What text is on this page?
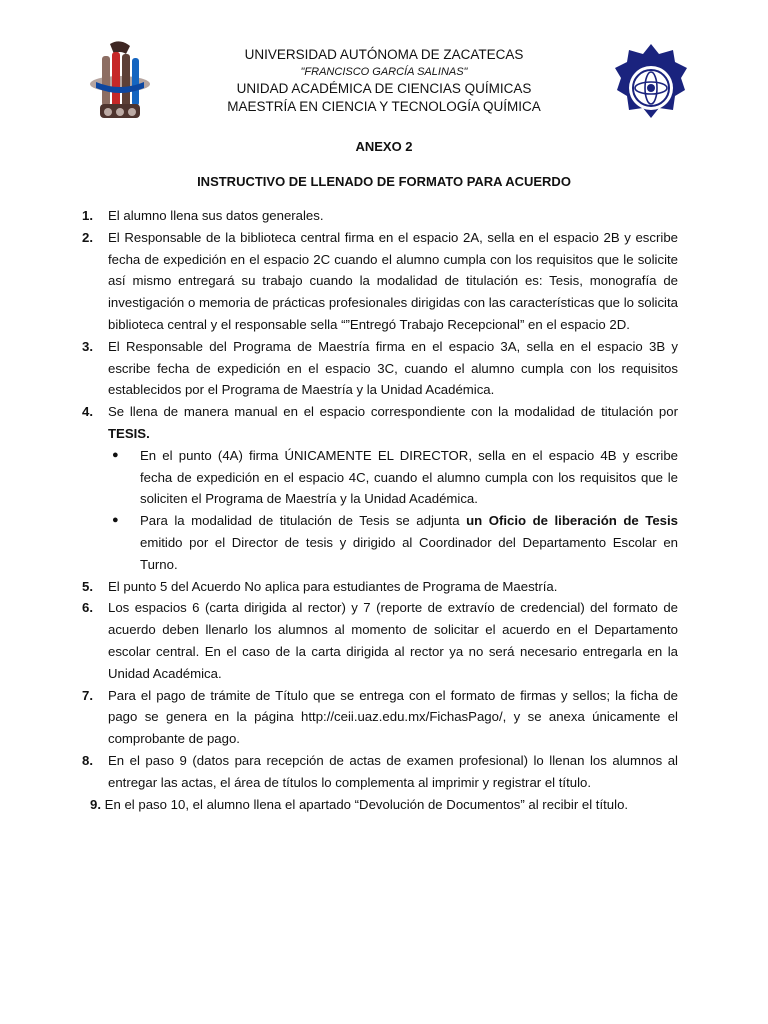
UNIVERSIDAD AUTÓNOMA DE ZACATECAS
"FRANCISCO GARCÍA SALINAS"
UNIDAD ACADÉMICA DE CIENCIAS QUÍMICAS
MAESTRÍA EN CIENCIA Y TECNOLOGÍA QUÍMICA
ANEXO 2
INSTRUCTIVO DE LLENADO DE FORMATO PARA ACUERDO
1.	El alumno llena sus datos generales.
2.	El Responsable de la biblioteca central firma en el espacio 2A, sella en el espacio 2B y escribe fecha de expedición en el espacio 2C cuando el alumno cumpla con los requisitos que le solicite así mismo entregará su trabajo cuando la modalidad de titulación es: Tesis, monografía de investigación o memoria de prácticas profesionales dirigidas con las características que lo solicita biblioteca central y el responsable sella “”Entregó Trabajo Recepcional” en el espacio 2D.
3.	El Responsable del Programa de Maestría firma en el espacio 3A, sella en el espacio 3B y escribe fecha de expedición en el espacio 3C, cuando el alumno cumpla con los requisitos establecidos por el Programa de Maestría y la Unidad Académica.
4.	Se llena de manera manual en el espacio correspondiente con la modalidad de titulación por TESIS.
●	En el punto (4A) firma ÚNICAMENTE EL DIRECTOR, sella en el espacio 4B y escribe fecha de expedición en el espacio 4C, cuando el alumno cumpla con los requisitos que le soliciten el Programa de Maestría y la Unidad Académica.
●	Para la modalidad de titulación de Tesis se adjunta un Oficio de liberación de Tesis emitido por el Director de tesis y dirigido al Coordinador del Departamento Escolar en Turno.
5.	El punto 5 del Acuerdo No aplica para estudiantes de Programa de Maestría.
6.	Los espacios 6 (carta dirigida al rector) y 7 (reporte de extravío de credencial) del formato de acuerdo deben llenarlo los alumnos al momento de solicitar el acuerdo en el Departamento escolar central. En el caso de la carta dirigida al rector ya no será necesario entregarla en la Unidad Académica.
7.	Para el pago de trámite de Título que se entrega con el formato de firmas y sellos; la ficha de pago se genera en la página http://ceii.uaz.edu.mx/FichasPago/, y se anexa únicamente el comprobante de pago.
8.	En el paso 9 (datos para recepción de actas de examen profesional) lo llenan los alumnos al entregar las actas, el área de títulos lo complementa al imprimir y registrar el título.
9. En el paso 10, el alumno llena el apartado “Devolución de Documentos” al recibir el título.
